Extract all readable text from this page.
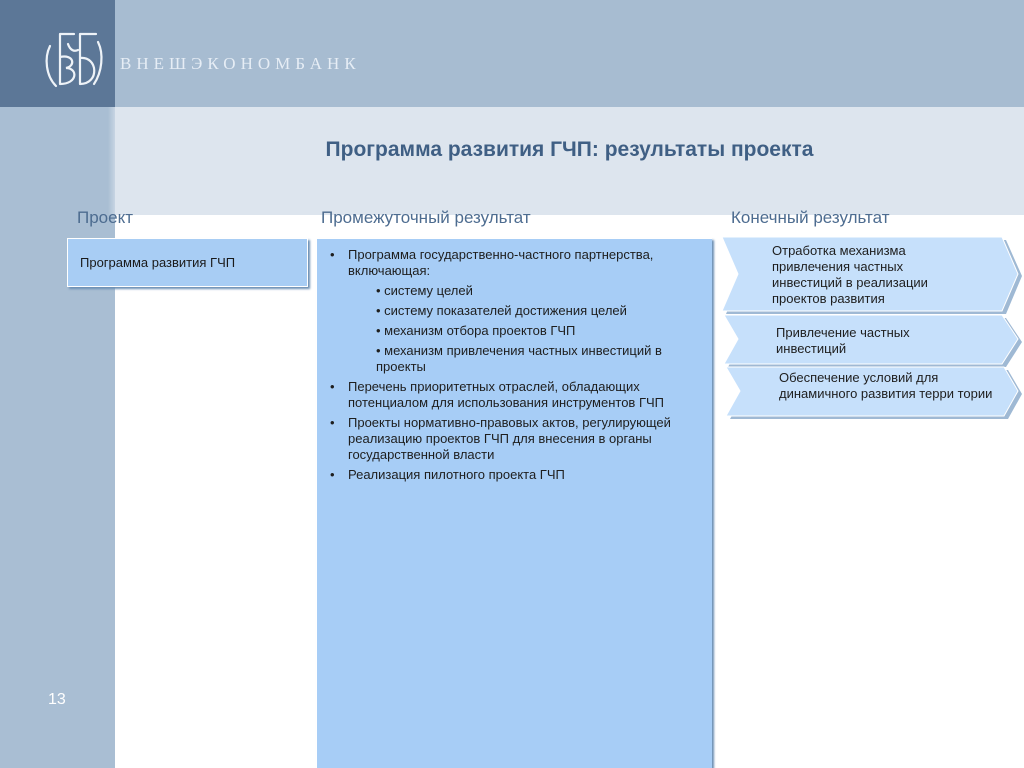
ВНЕШЭКОНОМБАНК
Программа развития ГЧП: результаты проекта
Проект	Промежуточный результат	Конечный результат
Программа развития ГЧП
• Программа государственно-частного партнерства, включающая:
• систему целей
• систему показателей достижения целей
• механизм отбора проектов ГЧП
• механизм привлечения частных инвестиций в проекты
• Перечень приоритетных отраслей, обладающих потенциалом для использования инструментов ГЧП
• Проекты нормативно-правовых актов, регулирующей реализацию проектов ГЧП для внесения в органы государственной власти
• Реализация пилотного проекта ГЧП
Отработка механизма привлечения частных инвестиций в реализации проектов развития
Привлечение частных инвестиций
Обеспечение условий для динамичного развития терри тории
13
